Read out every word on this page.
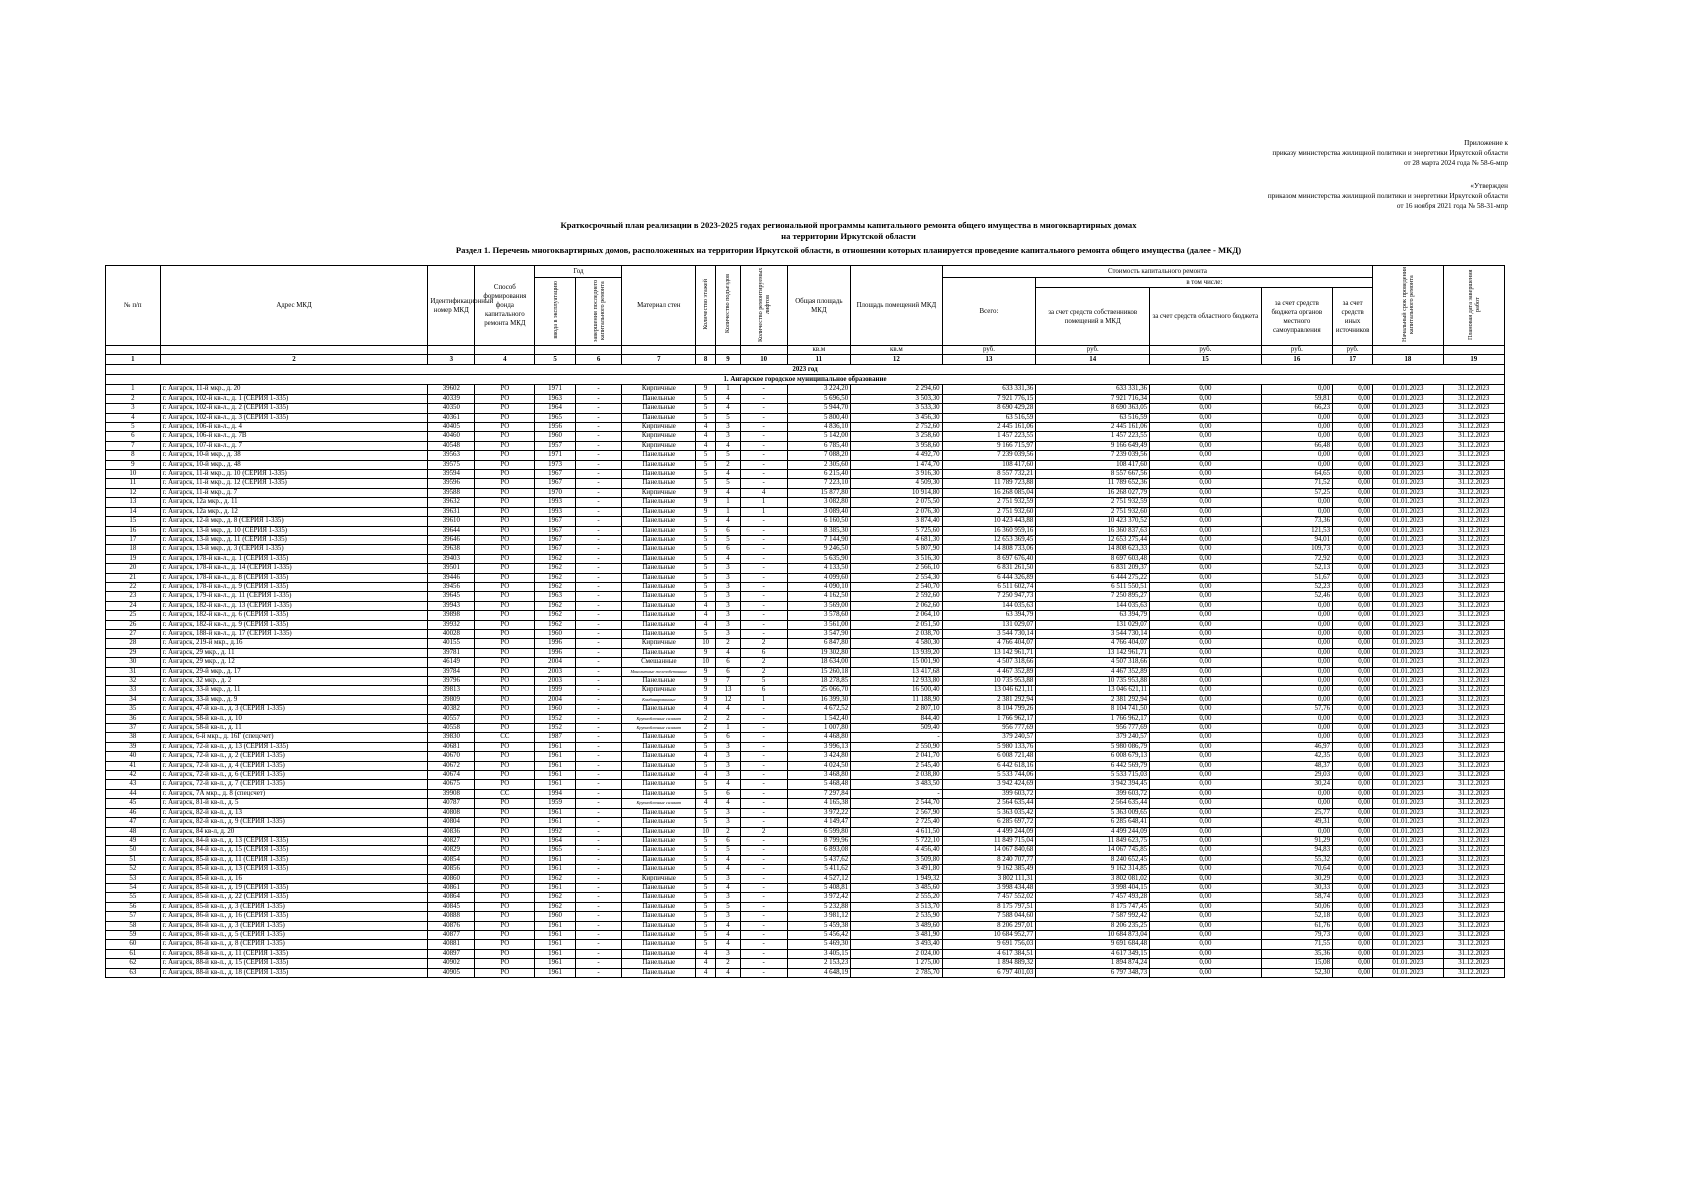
Приложение к
приказу министерства жилищной политики и энергетики Иркутской области
от 28 марта 2024 года № 58-6-мпр
«Утвержден
приказом министерства жилищной политики и энергетики Иркутской области
от 16 ноября 2021 года № 58-31-мпр
Краткосрочный план реализации в 2023-2025 годах региональной программы капитального ремонта общего имущества в многоквартирных домах
на территории Иркутской области
Раздел 1. Перечень многоквартирных домов, расположенных на территории Иркутской области, в отношении которых планируется проведение капитального ремонта общего имущества (далее - МКД)
№ п/п	Адрес МКД	Идентификационный номер МКД	Способ формирования фонда капитального ремонта МКД	Год		Материал стен	Количество этажей	Количество подъездов	Количество ремонтируемых лифтов	Общая площадь МКД	Площадь помещений МКД	Стоимость капитального ремонта					Начальный срок проведения капитального ремонта	Плановая дата завершения работ
				ввода в эксплуатацию	завершения последнего капитального ремонта							Всего:	в том числе:					
													за счет средств собственников помещений в МКД	за счет средств областного бюджета	за счет средств бюджета органов местного самоуправления	за счет средств иных источников		
										кв.м	кв.м	руб.	руб.	руб.	руб.	руб.		
1	2	3	4	5	6	7	8	9	10	11	12	13	14	15	16	17	18	19
2023 год																		
1. Ангарское городское муниципальное образование																		
1	г. Ангарск, 11-й мкр., д. 20	39602	РО	1971	-	Кирпичные	9	1	-	3 224,20	2 294,60	633 331,36	633 331,36	0,00	0,00	0,00	01.01.2023	31.12.2023
2	г. Ангарск, 102-й кв-л., д. 1 (СЕРИЯ 1-335)	40339	РО	1963	-	Панельные	5	4	-	5 696,50	3 503,30	7 921 776,15	7 921 716,34	0,00	59,81	0,00	01.01.2023	31.12.2023
3	г. Ангарск, 102-й кв-л., д. 2 (СЕРИЯ 1-335)	40350	РО	1964	-	Панельные	5	4	-	5 944,70	3 533,30	8 690 429,28	8 690 363,05	0,00	66,23	0,00	01.01.2023	31.12.2023
4	г. Ангарск, 102-й кв-л., д. 3 (СЕРИЯ 1-335)	40361	РО	1965	-	Панельные	5	5	-	5 800,40	3 456,30	63 516,59	63 516,59	0,00	0,00	0,00	01.01.2023	31.12.2023
5	г. Ангарск, 106-й кв-л., д. 4	40405	РО	1956	-	Кирпичные	4	3	-	4 836,10	2 752,60	2 445 161,06	2 445 161,06	0,00	0,00	0,00	01.01.2023	31.12.2023
6	г. Ангарск, 106-й кв-л., д. 7В	40460	РО	1960	-	Кирпичные	4	3	-	5 142,00	3 258,60	1 457 223,55	1 457 223,55	0,00	0,00	0,00	01.01.2023	31.12.2023
7	г. Ангарск, 107-й кв-л., д. 7	40548	РО	1957	-	Кирпичные	4	4	-	6 785,40	3 958,60	9 166 715,97	9 166 649,49	0,00	66,48	0,00	01.01.2023	31.12.2023
8	г. Ангарск, 10-й мкр., д. 38	39563	РО	1971	-	Панельные	5	5	-	7 088,20	4 492,70	7 239 039,56	7 239 039,56	0,00	0,00	0,00	01.01.2023	31.12.2023
9	г. Ангарск, 10-й мкр., д. 48	39575	РО	1973	-	Панельные	5	2	-	2 305,60	1 474,70	108 417,60	108 417,60	0,00	0,00	0,00	01.01.2023	31.12.2023
10	г. Ангарск, 11-й мкр., д. 10 (СЕРИЯ 1-335)	39594	РО	1967	-	Панельные	5	4	-	6 215,40	3 916,30	8 557 732,21	8 557 667,56	0,00	64,65	0,00	01.01.2023	31.12.2023
11	г. Ангарск, 11-й мкр., д. 12 (СЕРИЯ 1-335)	39596	РО	1967	-	Панельные	5	5	-	7 223,10	4 509,30	11 789 723,88	11 789 652,36	0,00	71,52	0,00	01.01.2023	31.12.2023
12	г. Ангарск, 11-й мкр., д. 7	39588	РО	1970	-	Кирпичные	9	4	4	15 877,80	10 914,80	16 268 085,04	16 268 027,79	0,00	57,25	0,00	01.01.2023	31.12.2023
13	г. Ангарск, 12а мкр., д. 11	39632	РО	1993	-	Панельные	9	1	1	3 082,80	2 075,50	2 751 932,59	2 751 932,59	0,00	0,00	0,00	01.01.2023	31.12.2023
14	г. Ангарск, 12а мкр., д. 12	39631	РО	1993	-	Панельные	9	1	1	3 089,40	2 076,30	2 751 932,60	2 751 932,60	0,00	0,00	0,00	01.01.2023	31.12.2023
15	г. Ангарск, 12-й мкр., д. 8 (СЕРИЯ 1-335)	39610	РО	1967	-	Панельные	5	4	-	6 160,50	3 874,40	10 423 443,88	10 423 370,52	0,00	73,36	0,00	01.01.2023	31.12.2023
16	г. Ангарск, 13-й мкр., д. 10 (СЕРИЯ 1-335)	39644	РО	1967	-	Панельные	5	6	-	8 385,30	5 725,60	16 360 959,16	16 360 837,63	0,00	121,53	0,00	01.01.2023	31.12.2023
17	г. Ангарск, 13-й мкр., д. 11 (СЕРИЯ 1-335)	39646	РО	1967	-	Панельные	5	5	-	7 144,90	4 681,30	12 653 369,45	12 653 275,44	0,00	94,01	0,00	01.01.2023	31.12.2023
18	г. Ангарск, 13-й мкр., д. 3 (СЕРИЯ 1-335)	39638	РО	1967	-	Панельные	5	6	-	9 246,50	5 807,90	14 808 733,06	14 808 623,33	0,00	109,73	0,00	01.01.2023	31.12.2023
19	г. Ангарск, 178-й кв-л., д. 1 (СЕРИЯ 1-335)	39403	РО	1962	-	Панельные	5	4	-	5 635,90	3 516,30	8 697 676,40	8 697 603,48	0,00	72,92	0,00	01.01.2023	31.12.2023
20	г. Ангарск, 178-й кв-л., д. 14 (СЕРИЯ 1-335)	39501	РО	1962	-	Панельные	5	3	-	4 133,50	2 566,10	6 831 261,50	6 831 209,37	0,00	52,13	0,00	01.01.2023	31.12.2023
21	г. Ангарск, 178-й кв-л., д. 8 (СЕРИЯ 1-335)	39446	РО	1962	-	Панельные	5	3	-	4 099,60	2 554,30	6 444 326,89	6 444 275,22	0,00	51,67	0,00	01.01.2023	31.12.2023
22	г. Ангарск, 178-й кв-л., д. 9 (СЕРИЯ 1-335)	39456	РО	1962	-	Панельные	5	3	-	4 090,10	2 540,70	6 511 602,74	6 511 550,51	0,00	52,23	0,00	01.01.2023	31.12.2023
23	г. Ангарск, 179-й кв-л., д. 11 (СЕРИЯ 1-335)	39645	РО	1963	-	Панельные	5	3	-	4 162,50	2 592,60	7 250 947,73	7 250 895,27	0,00	52,46	0,00	01.01.2023	31.12.2023
24	г. Ангарск, 182-й кв-л., д. 13 (СЕРИЯ 1-335)	39943	РО	1962	-	Панельные	4	3	-	3 569,00	2 062,60	144 035,63	144 035,63	0,00	0,00	0,00	01.01.2023	31.12.2023
25	г. Ангарск, 182-й кв-л., д. 6 (СЕРИЯ 1-335)	39898	РО	1962	-	Панельные	4	3	-	3 578,60	2 064,10	63 394,79	63 394,79	0,00	0,00	0,00	01.01.2023	31.12.2023
26	г. Ангарск, 182-й кв-л., д. 9 (СЕРИЯ 1-335)	39932	РО	1962	-	Панельные	4	3	-	3 561,00	2 051,50	131 029,07	131 029,07	0,00	0,00	0,00	01.01.2023	31.12.2023
27	г. Ангарск, 188-й кв-л., д. 17 (СЕРИЯ 1-335)	40028	РО	1960	-	Панельные	5	3	-	3 547,90	2 038,70	3 544 730,14	3 544 730,14	0,00	0,00	0,00	01.01.2023	31.12.2023
28	г. Ангарск, 219-й мкр., д.16	40155	РО	1996	-	Кирпичные	10	2	2	6 847,80	4 580,30	4 766 404,07	4 766 404,07	0,00	0,00	0,00	01.01.2023	31.12.2023
29	г. Ангарск, 29 мкр., д. 11	39781	РО	1996	-	Панельные	9	4	6	19 302,80	13 939,20	13 142 961,71	13 142 961,71	0,00	0,00	0,00	01.01.2023	31.12.2023
30	г. Ангарск, 29 мкр., д. 12	46149	РО	2004	-	Смешанные	10	6	2	18 634,00	15 001,90	4 507 318,66	4 507 318,66	0,00	0,00	0,00	01.01.2023	31.12.2023
31	г. Ангарск, 29-й мкр., д. 17	39784	РО	2003	-	Монолитные железобетонные	9	6	2	15 260,18	13 417,68	4 467 352,89	4 467 352,89	0,00	0,00	0,00	01.01.2023	31.12.2023
32	г. Ангарск, 32 мкр., д. 2	39796	РО	2003	-	Панельные	9	7	5	18 278,85	12 933,80	10 735 953,88	10 735 953,88	0,00	0,00	0,00	01.01.2023	31.12.2023
33	г. Ангарск, 33-й мкр., д. 11	39813	РО	1999	-	Кирпичные	9	13	6	25 066,70	16 500,40	13 046 621,11	13 046 621,11	0,00	0,00	0,00	01.01.2023	31.12.2023
34	г. Ангарск, 33-й мкр., д. 9	39809	РО	2004	-	Комбинированные	9	12	1	16 399,30	11 188,90	2 381 292,94	2 381 292,94	0,00	0,00	0,00	01.01.2023	31.12.2023
35	г. Ангарск, 47-й кв-л., д. 3 (СЕРИЯ 1-335)	40382	РО	1960	-	Панельные	4	4	-	4 672,52	2 807,10	8 104 799,26	8 104 741,50	0,00	57,76	0,00	01.01.2023	31.12.2023
36	г. Ангарск, 58-й кв-л., д. 10	40557	РО	1952	-	Крупноблочные силикат	2	2	-	1 542,40	844,40	1 766 962,17	1 766 962,17	0,00	0,00	0,00	01.01.2023	31.12.2023
37	г. Ангарск, 58-й кв-л., д. 11	40558	РО	1952	-	Крупноблочные силикат	2	1	-	1 007,80	509,40	956 777,69	956 777,69	0,00	0,00	0,00	01.01.2023	31.12.2023
38	г. Ангарск, 6-й мкр., д. 16Г (спецсчет)	39830	СС	1987	-	Панельные	5	6	-	4 468,80	-	379 240,57	379 240,57	0,00	0,00	0,00	01.01.2023	31.12.2023
39	г. Ангарск, 72-й кв-л., д. 13 (СЕРИЯ 1-335)	40681	РО	1961	-	Панельные	5	3	-	3 996,13	2 550,90	5 980 133,76	5 980 086,79	0,00	46,97	0,00	01.01.2023	31.12.2023
40	г. Ангарск, 72-й кв-л., д. 2 (СЕРИЯ 1-335)	40670	РО	1961	-	Панельные	4	3	-	3 424,80	2 041,70	6 008 721,48	6 008 679,13	0,00	42,35	0,00	01.01.2023	31.12.2023
41	г. Ангарск, 72-й кв-л., д. 4 (СЕРИЯ 1-335)	40672	РО	1961	-	Панельные	5	3	-	4 024,50	2 545,40	6 442 618,16	6 442 569,79	0,00	48,37	0,00	01.01.2023	31.12.2023
42	г. Ангарск, 72-й кв-л., д. 6 (СЕРИЯ 1-335)	40674	РО	1961	-	Панельные	4	3	-	3 468,80	2 038,80	5 533 744,06	5 533 715,03	0,00	29,03	0,00	01.01.2023	31.12.2023
43	г. Ангарск, 72-й кв-л., д. 7 (СЕРИЯ 1-335)	40675	РО	1961	-	Панельные	5	4	-	5 468,48	3 483,50	3 942 424,69	3 942 394,45	0,00	30,24	0,00	01.01.2023	31.12.2023
44	г. Ангарск, 7А мкр., д. 8 (спецсчет)	39908	СС	1994	-	Панельные	5	6	-	7 297,84	-	399 603,72	399 603,72	0,00	0,00	0,00	01.01.2023	31.12.2023
45	г. Ангарск, 81-й кв-л., д. 5	40787	РО	1959	-	Крупноблочные силикат	4	4	-	4 165,38	2 544,70	2 564 635,44	2 564 635,44	0,00	0,00	0,00	01.01.2023	31.12.2023
46	г. Ангарск, 82-й кв-л., д. 13	40808	РО	1961	-	Панельные	5	3	-	3 972,22	2 567,90	5 363 035,42	5 363 009,65	0,00	25,77	0,00	01.01.2023	31.12.2023
47	г. Ангарск, 82-й кв-л., д. 9 (СЕРИЯ 1-335)	40804	РО	1961	-	Панельные	5	3	-	4 149,47	2 725,40	6 285 697,72	6 285 648,41	0,00	49,31	0,00	01.01.2023	31.12.2023
48	г. Ангарск, 84 кв-л, д. 20	40836	РО	1992	-	Панельные	10	2	2	6 599,80	4 611,50	4 499 244,09	4 499 244,09	0,00	0,00	0,00	01.01.2023	31.12.2023
49	г. Ангарск, 84-й кв-л., д. 13 (СЕРИЯ 1-335)	40827	РО	1964	-	Панельные	5	6	-	8 799,96	5 722,10	11 849 715,04	11 849 623,75	0,00	91,29	0,00	01.01.2023	31.12.2023
50	г. Ангарск, 84-й кв-л., д. 15 (СЕРИЯ 1-335)	40829	РО	1965	-	Панельные	5	5	-	6 893,08	4 456,40	14 067 840,68	14 067 745,85	0,00	94,83	0,00	01.01.2023	31.12.2023
51	г. Ангарск, 85-й кв-л., д. 11 (СЕРИЯ 1-335)	40854	РО	1961	-	Панельные	5	4	-	5 437,62	3 509,80	8 240 707,77	8 240 652,45	0,00	55,32	0,00	01.01.2023	31.12.2023
52	г. Ангарск, 85-й кв-л., д. 13 (СЕРИЯ 1-335)	40856	РО	1961	-	Панельные	5	4	-	5 411,62	3 491,80	9 162 385,49	9 162 314,85	0,00	70,64	0,00	01.01.2023	31.12.2023
53	г. Ангарск, 85-й кв-л., д. 16	40860	РО	1962	-	Кирпичные	5	3	-	4 527,12	1 949,32	3 802 111,31	3 802 081,02	0,00	30,29	0,00	01.01.2023	31.12.2023
54	г. Ангарск, 85-й кв-л., д. 19 (СЕРИЯ 1-335)	40861	РО	1961	-	Панельные	5	4	-	5 408,81	3 485,60	3 998 434,48	3 998 404,15	0,00	30,33	0,00	01.01.2023	31.12.2023
55	г. Ангарск, 85-й кв-л., д. 22 (СЕРИЯ 1-335)	40864	РО	1962	-	Панельные	5	3	-	3 972,42	2 555,20	7 457 552,02	7 457 493,28	0,00	58,74	0,00	01.01.2023	31.12.2023
56	г. Ангарск, 85-й кв-л., д. 3 (СЕРИЯ 1-335)	40845	РО	1962	-	Панельные	5	5	-	5 232,88	3 513,70	8 175 797,51	8 175 747,45	0,00	50,06	0,00	01.01.2023	31.12.2023
57	г. Ангарск, 86-й кв-л., д. 16 (СЕРИЯ 1-335)	40888	РО	1960	-	Панельные	5	3	-	3 981,12	2 535,90	7 588 044,60	7 587 992,42	0,00	52,18	0,00	01.01.2023	31.12.2023
58	г. Ангарск, 86-й кв-л., д. 3 (СЕРИЯ 1-335)	40876	РО	1961	-	Панельные	5	4	-	5 459,38	3 489,60	8 206 297,01	8 206 235,25	0,00	61,76	0,00	01.01.2023	31.12.2023
59	г. Ангарск, 86-й кв-л., д. 5 (СЕРИЯ 1-335)	40877	РО	1961	-	Панельные	5	4	-	5 456,42	3 481,90	10 684 952,77	10 684 873,04	0,00	79,73	0,00	01.01.2023	31.12.2023
60	г. Ангарск, 86-й кв-л., д. 8 (СЕРИЯ 1-335)	40881	РО	1961	-	Панельные	5	4	-	5 469,30	3 493,40	9 691 756,03	9 691 684,48	0,00	71,55	0,00	01.01.2023	31.12.2023
61	г. Ангарск, 88-й кв-л., д. 11 (СЕРИЯ 1-335)	40897	РО	1961	-	Панельные	4	3	-	3 405,15	2 024,00	4 617 384,51	4 617 349,15	0,00	35,36	0,00	01.01.2023	31.12.2023
62	г. Ангарск, 88-й кв-л., д. 15 (СЕРИЯ 1-335)	40902	РО	1961	-	Панельные	4	2	-	2 153,23	1 275,00	1 894 889,32	1 894 874,24	0,00	15,08	0,00	01.01.2023	31.12.2023
63	г. Ангарск, 88-й кв-л., д. 18 (СЕРИЯ 1-335)	40905	РО	1961	-	Панельные	4	4	-	4 648,19	2 785,70	6 797 401,03	6 797 348,73	0,00	52,30	0,00	01.01.2023	31.12.2023
